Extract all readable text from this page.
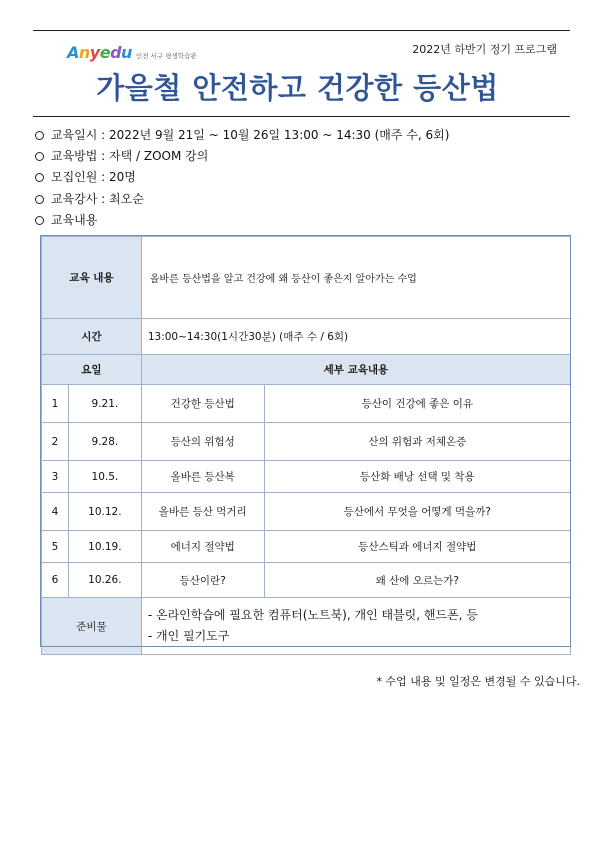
Anyedu 인천 서구 평생학습관	2022년 하반기 정기 프로그램
가을철 안전하고 건강한 등산법
교육일시 : 2022년 9월 21일 ~ 10월 26일 13:00 ~ 14:30 (매주 수, 6회)
교육방법 : 자택 / ZOOM 강의
모집인원 : 20명
교육강사 : 최오순
교육내용
교육 내용		올바른 등산법을 알고 건강에 왜 등산이 좋은지 알아가는 수업	
시간		13:00~14:30(1시간30분) (매주 수 / 6회)	
요일		세부 교육내용	
1	9.21.	건강한 등산법	등산이 건강에 좋은 이유
2	9.28.	등산의 위험성	산의 위험과 저체온증
3	10.5.	올바른 등산복	등산화 배낭 선택 및 착용
4	10.12.	올바른 등산 먹거리	등산에서 무엇을 어떻게 먹을까?
5	10.19.	에너지 절약법	등산스틱과 에너지 절약법
6	10.26.	등산이란?	왜 산에 오르는가?
준비물		- 온라인학습에 필요한 컴퓨터(노트북), 개인 태블릿, 핸드폰, 등
- 개인 필기도구	
* 수업 내용 및 일정은 변경될 수 있습니다.
